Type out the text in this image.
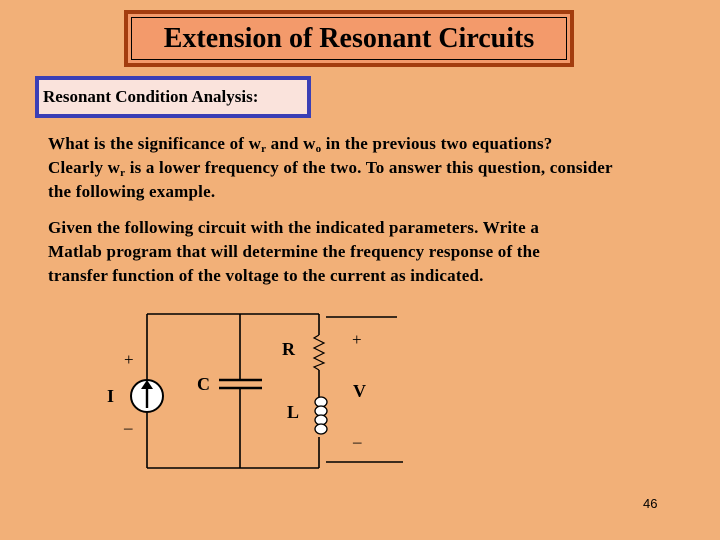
Extension of Resonant Circuits
Resonant Condition Analysis:
What is the significance of $w_r$ and $w_o$ in the previous two equations?
Clearly $w_r$ is a lower frequency of the two. To answer this question, consider
the following example.
Given the following circuit with the indicated parameters. Write a
Matlab program that will determine the frequency response of the
transfer function of the voltage to the current as indicated.
+
–
I
C
R
L
+
V
–
46
